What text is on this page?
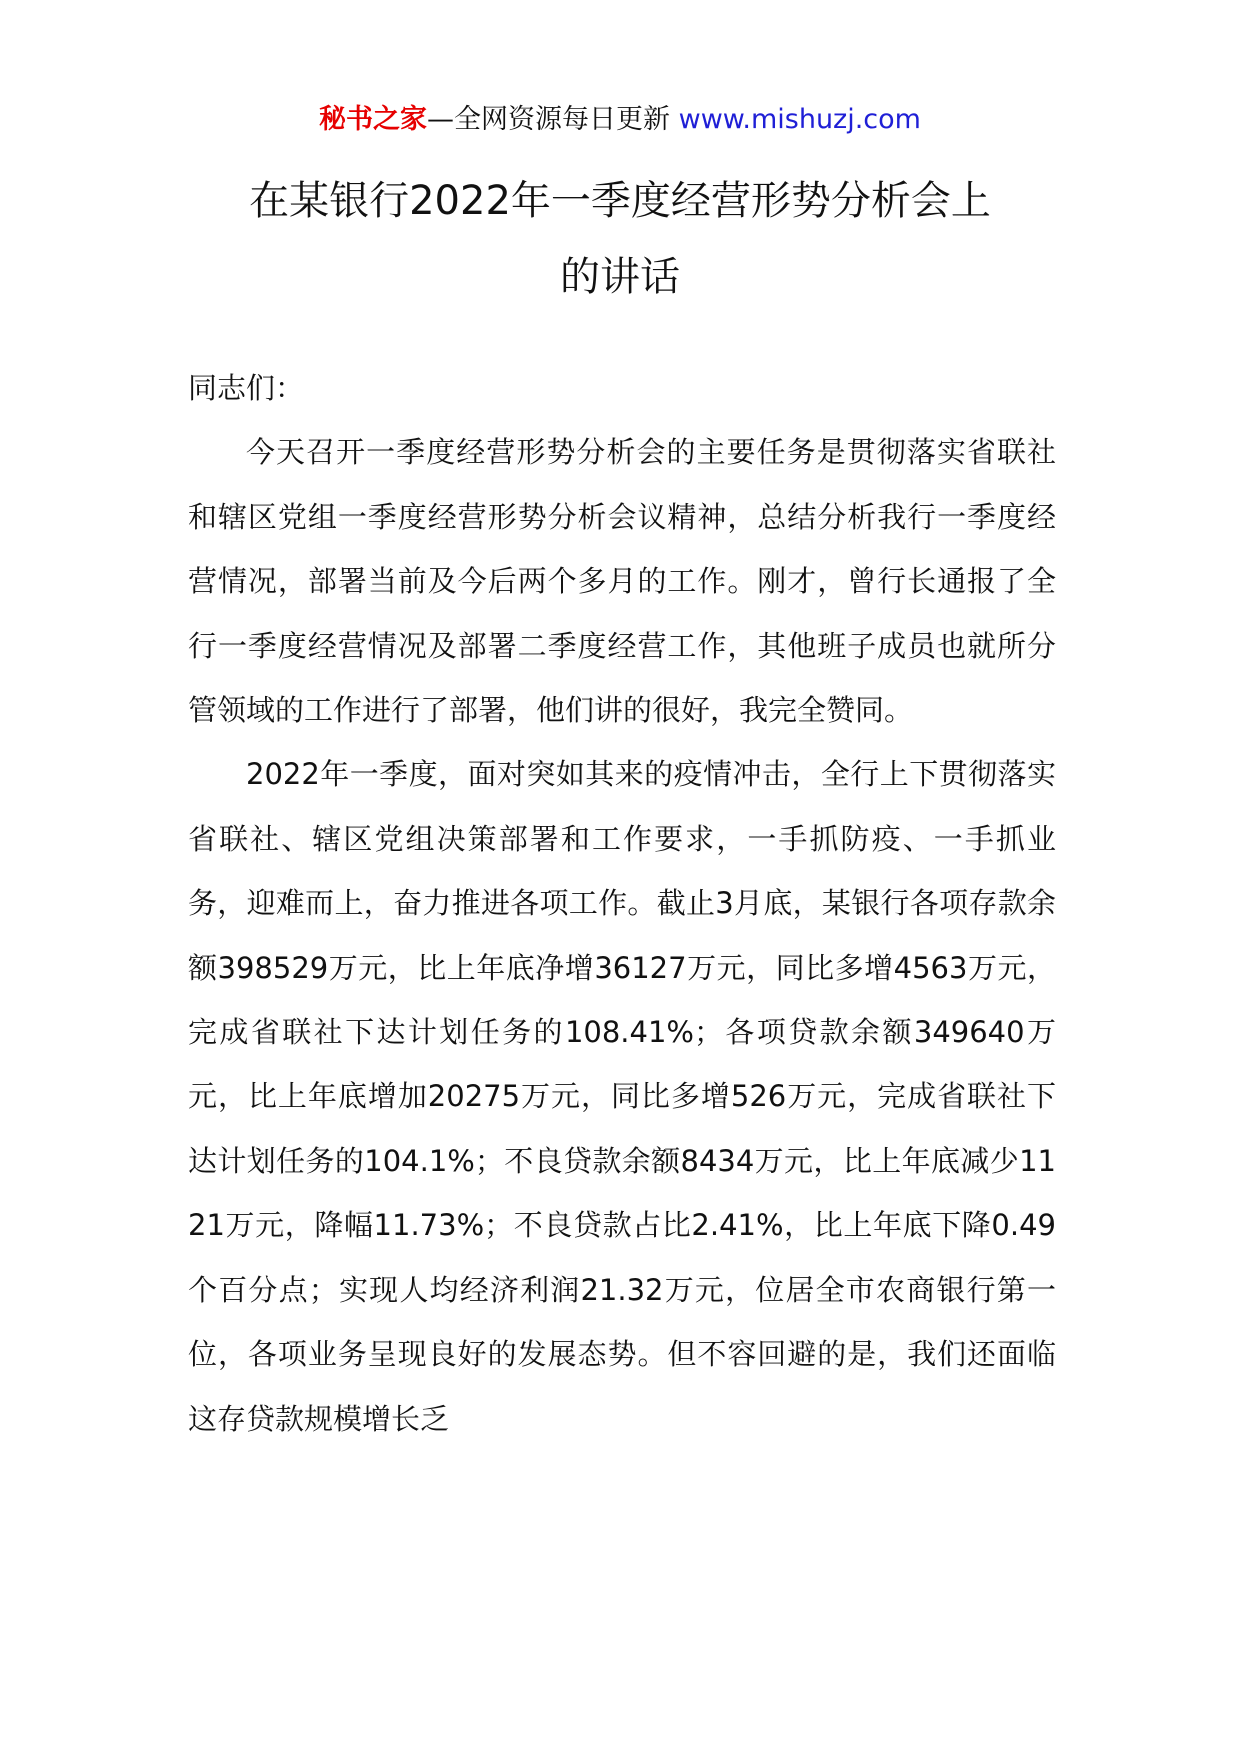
秘书之家—全网资源每日更新 www.mishuzj.com
在某银行2022年一季度经营形势分析会上
的讲话

同志们：

今天召开一季度经营形势分析会的主要任务是贯彻落实省联社和辖区党组一季度经营形势分析会议精神，总结分析我行一季度经营情况，部署当前及今后两个多月的工作。刚才，曾行长通报了全行一季度经营情况及部署二季度经营工作，其他班子成员也就所分管领域的工作进行了部署，他们讲的很好，我完全赞同。

2022年一季度，面对突如其来的疫情冲击，全行上下贯彻落实省联社、辖区党组决策部署和工作要求，一手抓防疫、一手抓业务，迎难而上，奋力推进各项工作。截止3月底，某银行各项存款余额398529万元，比上年底净增36127万元，同比多增4563万元，完成省联社下达计划任务的108.41%；各项贷款余额349640万元，比上年底增加20275万元，同比多增526万元，完成省联社下达计划任务的104.1%；不良贷款余额8434万元，比上年底减少1121万元，降幅11.73%；不良贷款占比2.41%，比上年底下降0.49个百分点；实现人均经济利润21.32万元，位居全市农商银行第一位，各项业务呈现良好的发展态势。但不容回避的是，我们还面临这存贷款规模增长乏
